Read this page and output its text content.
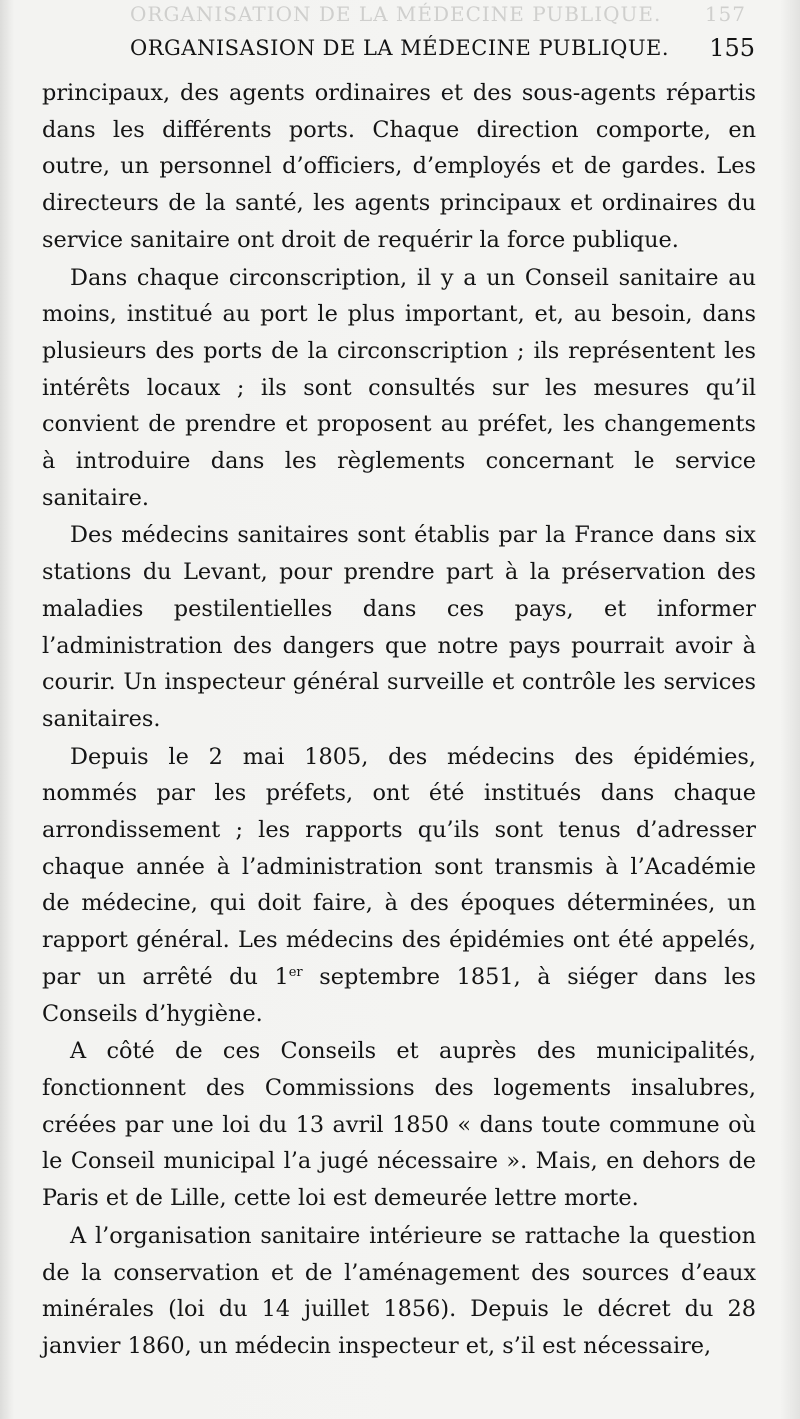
ORGANISATION DE LA MÉDECINE PUBLIQUE. 157
ORGANISASION DE LA MÉDECINE PUBLIQUE. 155

principaux, des agents ordinaires et des sous-agents répartis dans les différents ports. Chaque direction comporte, en outre, un personnel d’officiers, d’employés et de gardes. Les directeurs de la santé, les agents principaux et ordinaires du service sanitaire ont droit de requérir la force publique.

Dans chaque circonscription, il y a un Conseil sanitaire au moins, institué au port le plus important, et, au besoin, dans plusieurs des ports de la circonscription ; ils représentent les intérêts locaux ; ils sont consultés sur les mesures qu’il convient de prendre et proposent au préfet, les changements à introduire dans les règlements concernant le service sanitaire.

Des médecins sanitaires sont établis par la France dans six stations du Levant, pour prendre part à la préservation des maladies pestilentielles dans ces pays, et informer l’administration des dangers que notre pays pourrait avoir à courir. Un inspecteur général surveille et contrôle les services sanitaires.

Depuis le 2 mai 1805, des médecins des épidémies, nommés par les préfets, ont été institués dans chaque arrondissement ; les rapports qu’ils sont tenus d’adresser chaque année à l’administration sont transmis à l’Académie de médecine, qui doit faire, à des époques déterminées, un rapport général. Les médecins des épidémies ont été appelés, par un arrêté du 1er septembre 1851, à siéger dans les Conseils d’hygiène.

A côté de ces Conseils et auprès des municipalités, fonctionnent des Commissions des logements insalubres, créées par une loi du 13 avril 1850 « dans toute commune où le Conseil municipal l’a jugé nécessaire ». Mais, en dehors de Paris et de Lille, cette loi est demeurée lettre morte.

A l’organisation sanitaire intérieure se rattache la question de la conservation et de l’aménagement des sources d’eaux minérales (loi du 14 juillet 1856). Depuis le décret du 28 janvier 1860, un médecin inspecteur et, s’il est nécessaire,
